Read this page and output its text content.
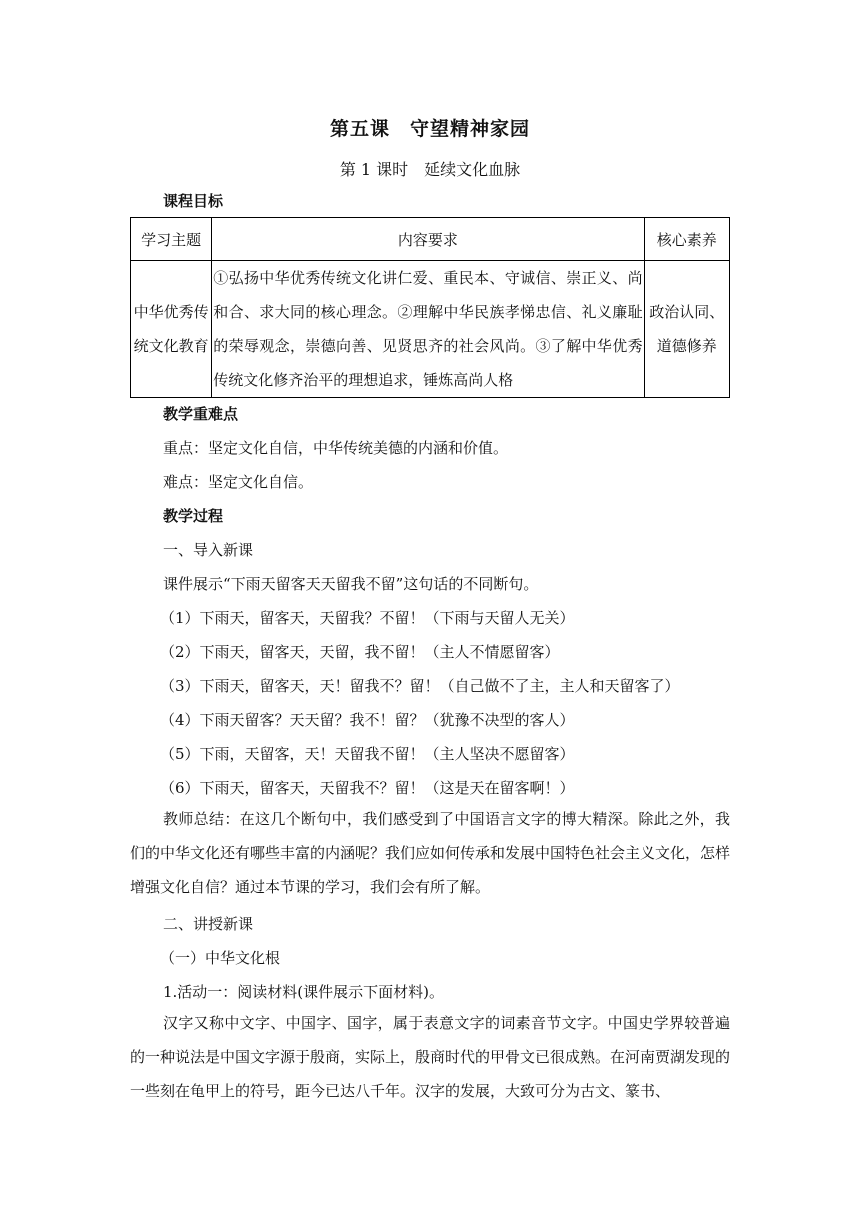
第五课　守望精神家园
第 1 课时　延续文化血脉
课程目标
学习主题	内容要求	核心素养
中华优秀传统文化教育	①弘扬中华优秀传统文化讲仁爱、重民本、守诚信、崇正义、尚和合、求大同的核心理念。②理解中华民族孝悌忠信、礼义廉耻的荣辱观念，崇德向善、见贤思齐的社会风尚。③了解中华优秀传统文化修齐治平的理想追求，锤炼高尚人格	政治认同、道德修养
教学重难点
重点：坚定文化自信，中华传统美德的内涵和价值。
难点：坚定文化自信。
教学过程
一、导入新课
课件展示“下雨天留客天天留我不留”这句话的不同断句。
（1）下雨天，留客天，天留我？不留！（下雨与天留人无关）
（2）下雨天，留客天，天留，我不留！（主人不情愿留客）
（3）下雨天，留客天，天！留我不？留！（自己做不了主，主人和天留客了）
（4）下雨天留客？天天留？我不！留？（犹豫不决型的客人）
（5）下雨，天留客，天！天留我不留！（主人坚决不愿留客）
（6）下雨天，留客天，天留我不？留！（这是天在留客啊！）
教师总结：在这几个断句中，我们感受到了中国语言文字的博大精深。除此之外，我们的中华文化还有哪些丰富的内涵呢？我们应如何传承和发展中国特色社会主义文化，怎样增强文化自信？通过本节课的学习，我们会有所了解。
二、讲授新课
（一）中华文化根
1.活动一：阅读材料(课件展示下面材料)。
汉字又称中文字、中国字、国字，属于表意文字的词素音节文字。中国史学界较普遍的一种说法是中国文字源于殷商，实际上，殷商时代的甲骨文已很成熟。在河南贾湖发现的一些刻在龟甲上的符号，距今已达八千年。汉字的发展，大致可分为古文、篆书、
